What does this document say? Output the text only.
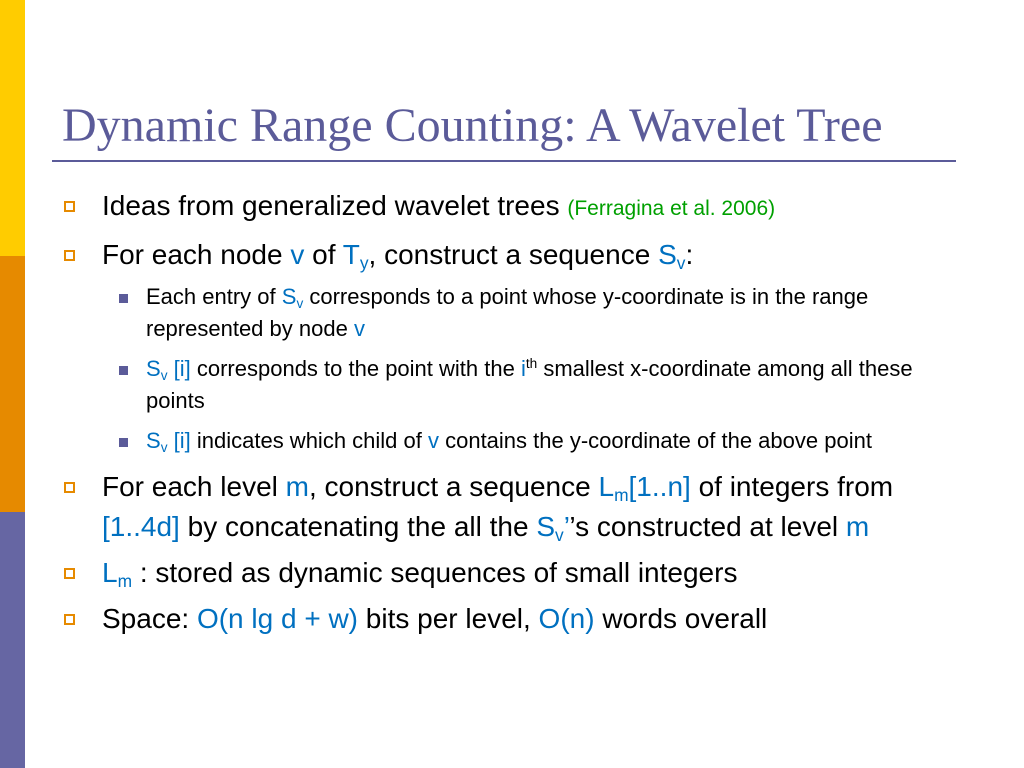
Dynamic Range Counting: A Wavelet Tree
Ideas from generalized wavelet trees (Ferragina et al. 2006)
For each node v of $T_y$, construct a sequence $S_v$:
Each entry of $S_v$ corresponds to a point whose y-coordinate is in the range represented by node v
$S_v$ [i] corresponds to the point with the $i^{th}$ smallest x-coordinate among all these points
$S_v$ [i] indicates which child of v contains the y-coordinate of the above point
For each level m, construct a sequence $L_m[1..n]$ of integers from [1..4d] by concatenating the all the $S_v’’s$ constructed at level m
$L_m$ : stored as dynamic sequences of small integers
Space: O(n lg d + w) bits per level, O(n) words overall
